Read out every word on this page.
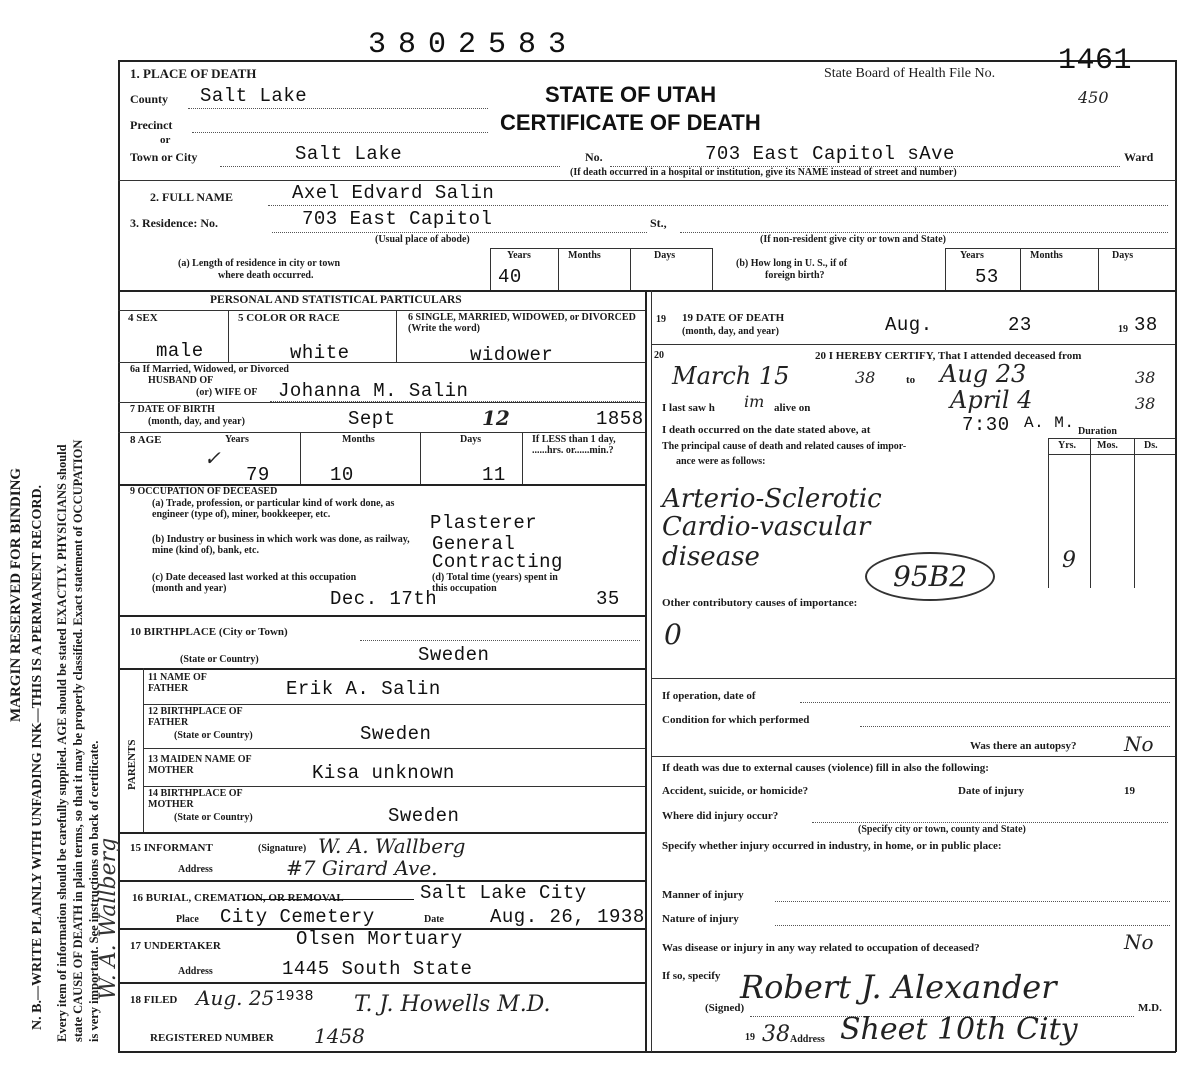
MARGIN RESERVED FOR BINDING N. B.—WRITE PLAINLY WITH UNFADING INK—THIS IS A PERMANENT RECORD. Every item of information should be carefully supplied. AGE should be stated EXACTLY. PHYSICIANS should state CAUSE OF DEATH in plain terms, so that it may be properly classified. Exact statement of OCCUPATION is very important. See instructions on back of certificate.
W. A. Wallberg
3802583
1. PLACE OF DEATH	State Board of Health File No. 1461
450
STATE OF UTAH
CERTIFICATE OF DEATH
County Salt Lake
Precinct
or
Town or City	Salt Lake	No.	703 East Capitol sAve	Ward
(If death occurred in a hospital or institution, give its NAME instead of street and number)
2. FULL NAME	Axel Edvard Salin
3. Residence: No.	703 East Capitol	St.,
(Usual place of abode)	(If non-resident give city or town and State)
(a) Length of residence in city or town
where death occurred.
Years	Months	Days
40
(b) How long in U. S., if of
foreign birth?
Years	Months	Days
53
PERSONAL AND STATISTICAL PARTICULARS
4 SEX
male
5 COLOR OR RACE
white
6 SINGLE, MARRIED, WIDOWED, or DIVORCED (Write the word)
widower
6a If Married, Widowed, or Divorced
HUSBAND OF
(or) WIFE OF Johanna M. Salin
7 DATE OF BIRTH
(month, day, and year)	Sept	12	1858
8 AGE	Years	Months	Days	If LESS than 1 day, ......hrs. or......min.?
✓
79	10	11
9 OCCUPATION OF DECEASED
(a) Trade, profession, or particular kind of work done, as engineer (type of), miner, bookkeeper, etc.	Plasterer
(b) Industry or business in which work was done, as railway, mine (kind of), bank, etc.	General
Contracting
(c) Date deceased last worked at this occupation (month and year)	Dec. 17th
(d) Total time (years) spent in this occupation	35
10 BIRTHPLACE (City or Town)
(State or Country)	Sweden
PARENTS
11 NAME OF FATHER	Erik A. Salin
12 BIRTHPLACE OF FATHER
(State or Country)	Sweden
13 MAIDEN NAME OF MOTHER	Kisa unknown
14 BIRTHPLACE OF MOTHER
(State or Country)	Sweden
15 INFORMANT	(Signature) W. A. Wallberg
Address	#7 Girard Ave.
16 BURIAL, CREMATION, OR REMOVAL	Salt Lake City
Place City Cemetery	Date Aug. 26, 1938
17 UNDERTAKER	Olsen Mortuary
Address	1445 South State
18 FILED Aug. 25 1938 T. J. Howells M.D.
REGISTERED NUMBER 1458
19 19 DATE OF DEATH
(month, day, and year)	Aug.	23	19 38
20	20 I HEREBY CERTIFY, That I attended deceased from
March 15	38	to Aug 23	38
I last saw h im alive on	April 4	38
I death occurred on the date stated above, at	7:30 A. M. Duration
Yrs. Mos.	Ds.
The principal cause of death and related causes of impor-
ance were as follows:
Arterio-Sclerotic
Cardio-vascular
disease
95B2	9
Other contributory causes of importance:
0
If operation, date of
Condition for which performed
Was there an autopsy? No
If death was due to external causes (violence) fill in also the following:
Accident, suicide, or homicide?	Date of injury	19
Where did injury occur?
(Specify city or town, county and State)
Specify whether injury occurred in industry, in home, or in public place:
Manner of injury
Nature of injury
Was disease or injury in any way related to occupation of deceased?	No
If so, specify
(Signed)
Robert J. Alexander
M.D.
19 38 Address Sheet 10th City
